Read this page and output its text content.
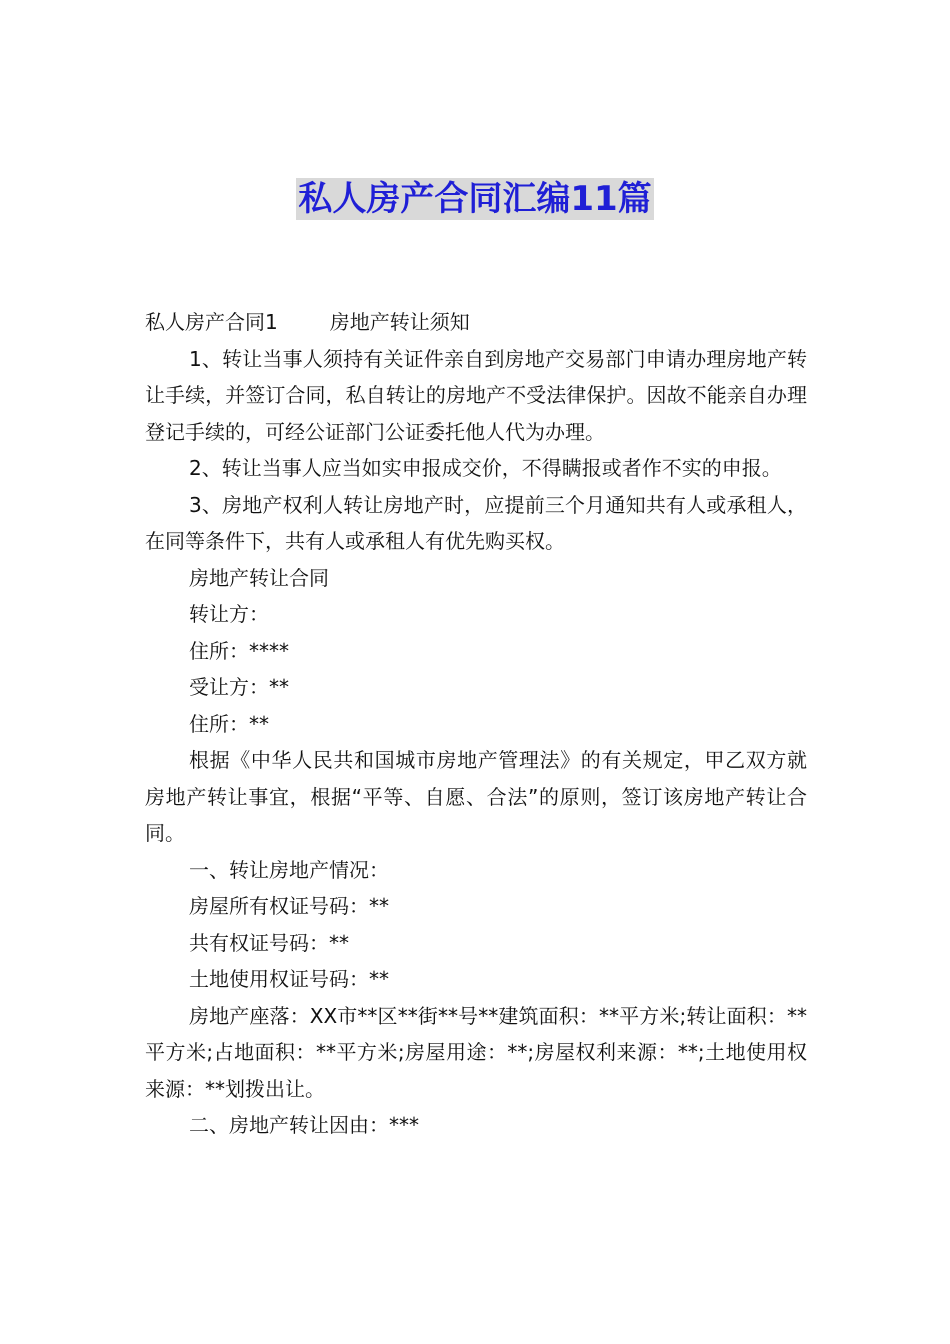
私人房产合同汇编11篇

私人房产合同1	房地产转让须知

1、转让当事人须持有关证件亲自到房地产交易部门申请办理房地产转让手续，并签订合同，私自转让的房地产不受法律保护。因故不能亲自办理登记手续的，可经公证部门公证委托他人代为办理。

2、转让当事人应当如实申报成交价，不得瞒报或者作不实的申报。

3、房地产权利人转让房地产时，应提前三个月通知共有人或承租人，在同等条件下，共有人或承租人有优先购买权。

房地产转让合同

转让方：

住所：****

受让方：**

住所：**

根据《中华人民共和国城市房地产管理法》的有关规定，甲乙双方就房地产转让事宜，根据“平等、自愿、合法”的原则，签订该房地产转让合同。

一、转让房地产情况：

房屋所有权证号码：**

共有权证号码：**

土地使用权证号码：**

房地产座落：XX市**区**街**号**建筑面积：**平方米;转让面积：**平方米;占地面积：**平方米;房屋用途：**;房屋权利来源：**;土地使用权来源：**划拨出让。

二、房地产转让因由：***
